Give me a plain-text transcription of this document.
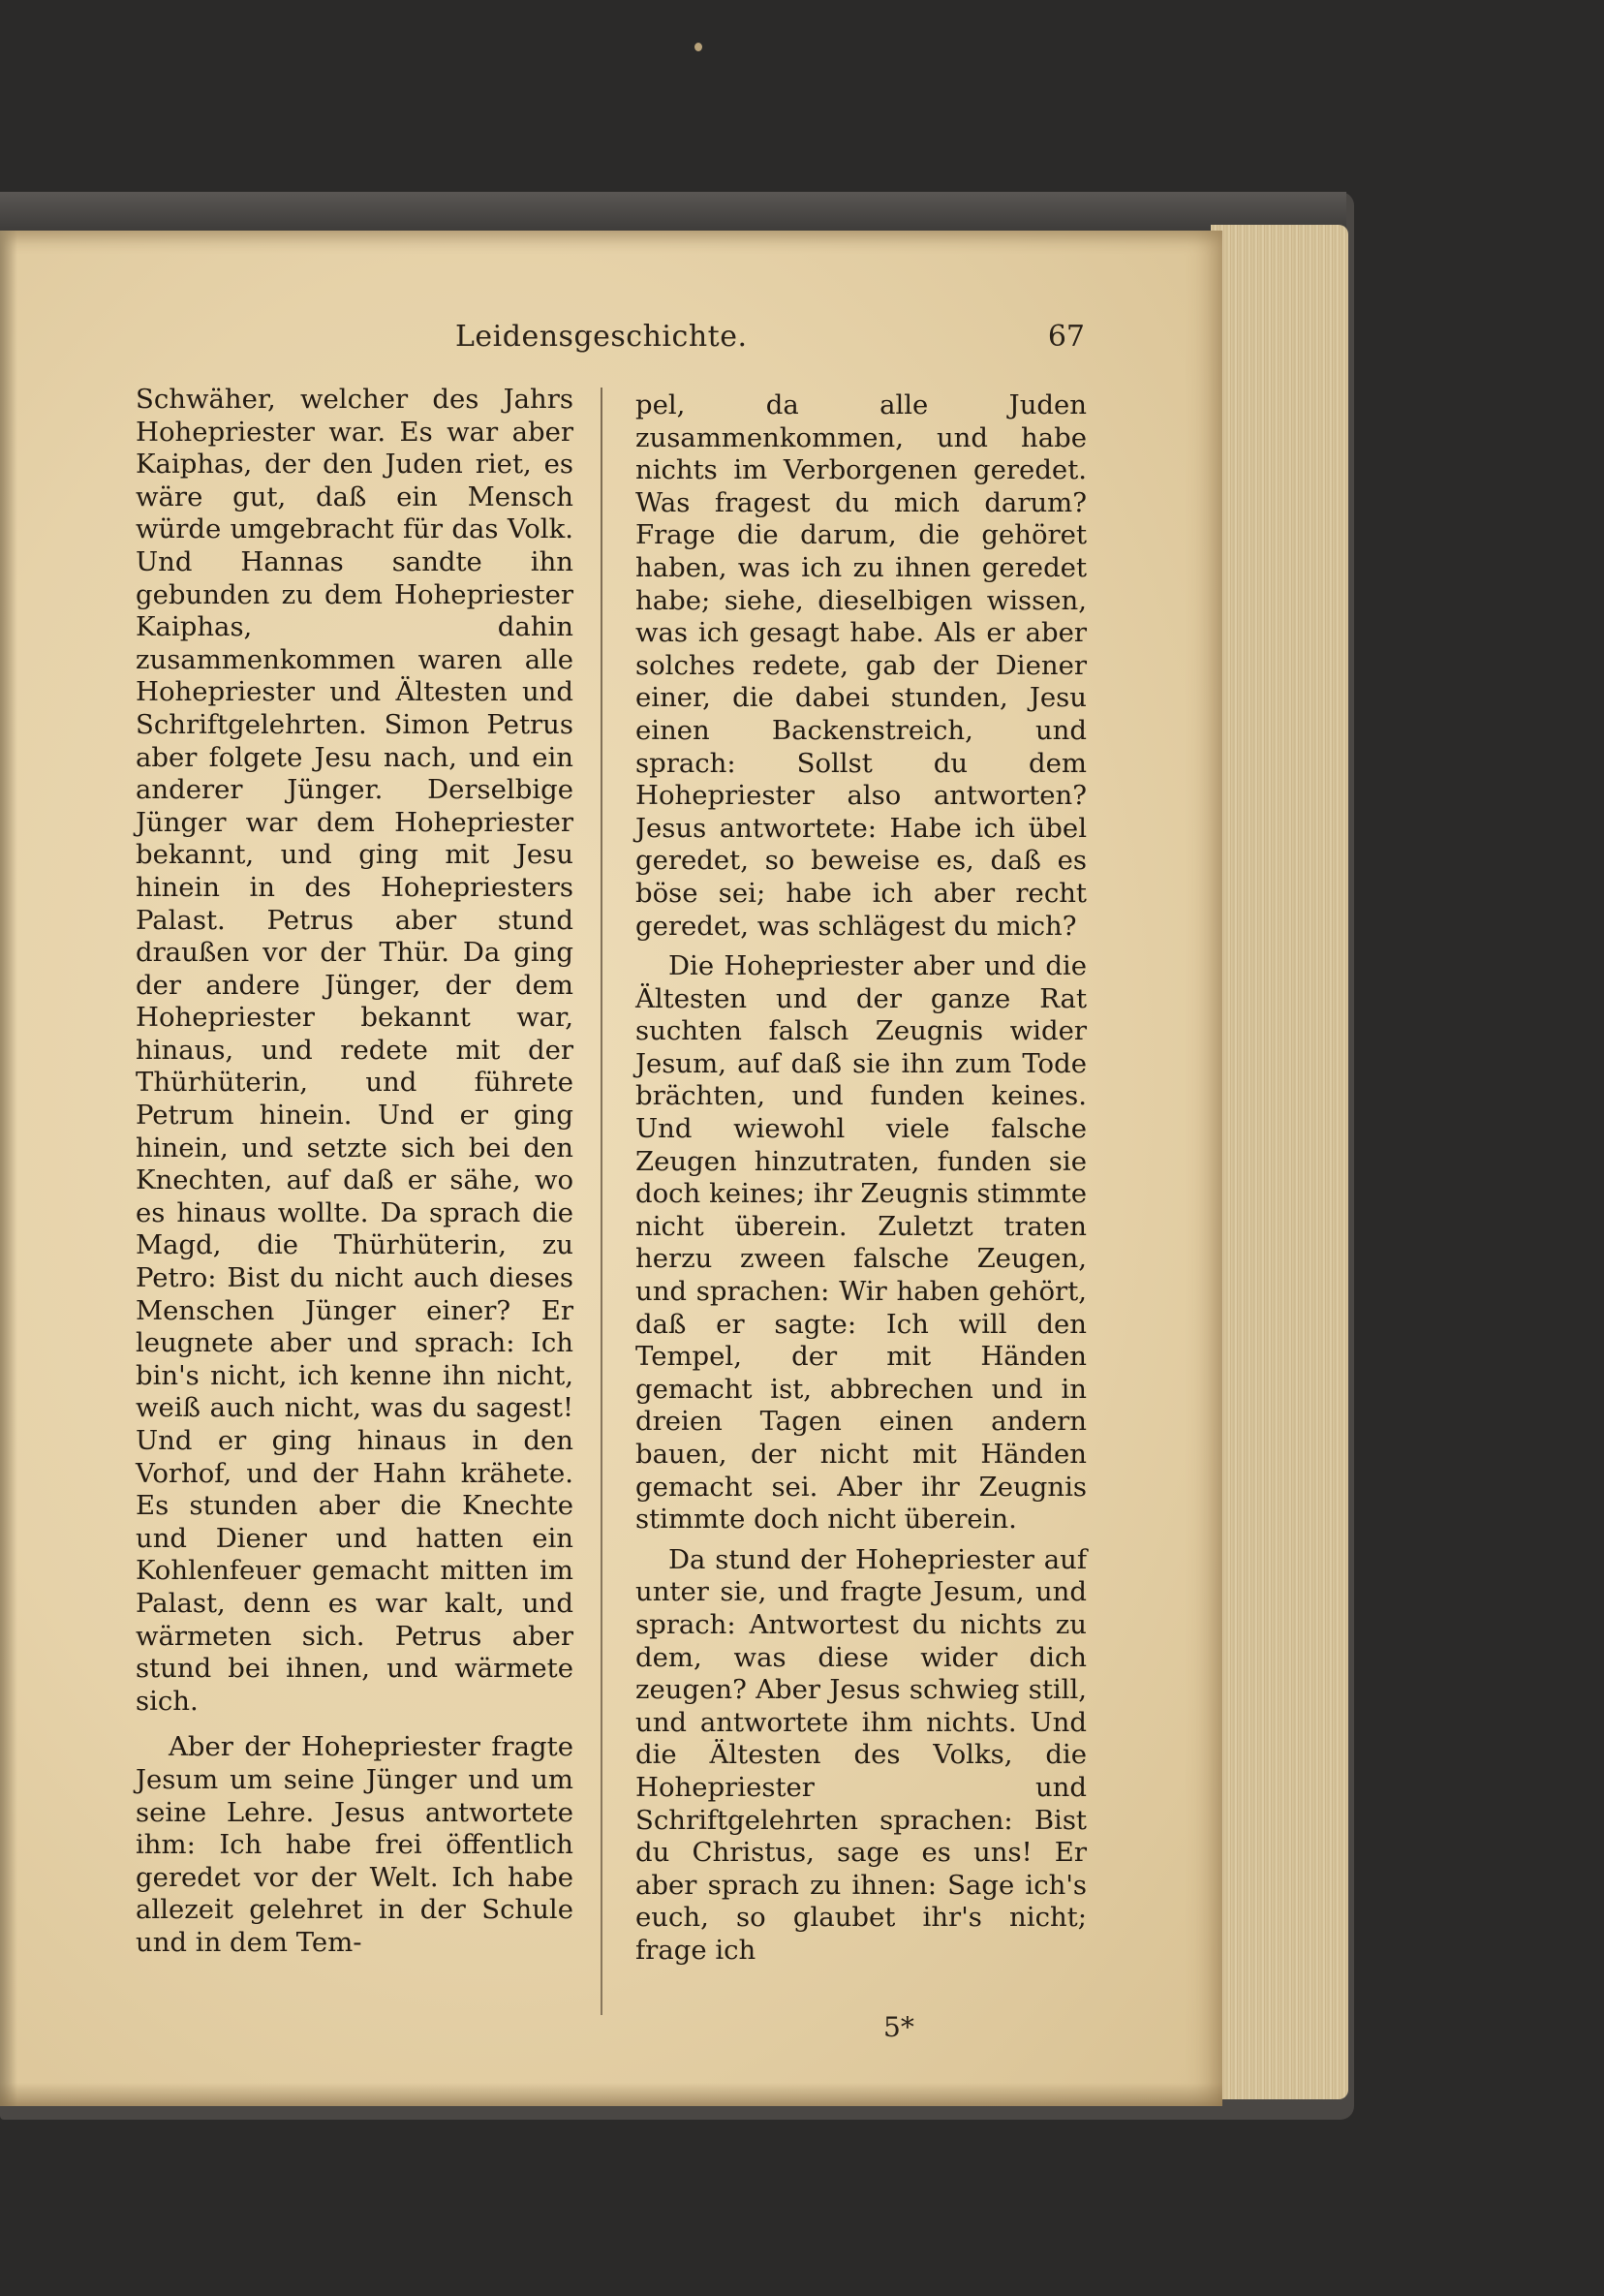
Leidensgeschichte.	67

Schwäher, welcher des Jahrs Hohepriester war. Es war aber Kaiphas, der den Juden riet, es wäre gut, daß ein Mensch würde umgebracht für das Volk. Und Hannas sandte ihn gebunden zu dem Hohepriester Kaiphas, dahin zusammenkommen waren alle Hohepriester und Ältesten und Schriftgelehrten. Simon Petrus aber folgete Jesu nach, und ein anderer Jünger. Derselbige Jünger war dem Hohepriester bekannt, und ging mit Jesu hinein in des Hohepriesters Palast. Petrus aber stund draußen vor der Thür. Da ging der andere Jünger, der dem Hohepriester bekannt war, hinaus, und redete mit der Thürhüterin, und führete Petrum hinein. Und er ging hinein, und setzte sich bei den Knechten, auf daß er sähe, wo es hinaus wollte. Da sprach die Magd, die Thürhüterin, zu Petro: Bist du nicht auch dieses Menschen Jünger einer? Er leugnete aber und sprach: Ich bin's nicht, ich kenne ihn nicht, weiß auch nicht, was du sagest! Und er ging hinaus in den Vorhof, und der Hahn krähete. Es stunden aber die Knechte und Diener und hatten ein Kohlenfeuer gemacht mitten im Palast, denn es war kalt, und wärmeten sich. Petrus aber stund bei ihnen, und wärmete sich.

Aber der Hohepriester fragte Jesum um seine Jünger und um seine Lehre. Jesus antwortete ihm: Ich habe frei öffentlich geredet vor der Welt. Ich habe allezeit gelehret in der Schule und in dem Tem-

pel, da alle Juden zusammenkommen, und habe nichts im Verborgenen geredet. Was fragest du mich darum? Frage die darum, die gehöret haben, was ich zu ihnen geredet habe; siehe, dieselbigen wissen, was ich gesagt habe. Als er aber solches redete, gab der Diener einer, die dabei stunden, Jesu einen Backenstreich, und sprach: Sollst du dem Hohepriester also antworten? Jesus antwortete: Habe ich übel geredet, so beweise es, daß es böse sei; habe ich aber recht geredet, was schlägest du mich?

Die Hohepriester aber und die Ältesten und der ganze Rat suchten falsch Zeugnis wider Jesum, auf daß sie ihn zum Tode brächten, und funden keines. Und wiewohl viele falsche Zeugen hinzutraten, funden sie doch keines; ihr Zeugnis stimmte nicht überein. Zuletzt traten herzu zween falsche Zeugen, und sprachen: Wir haben gehört, daß er sagte: Ich will den Tempel, der mit Händen gemacht ist, abbrechen und in dreien Tagen einen andern bauen, der nicht mit Händen gemacht sei. Aber ihr Zeugnis stimmte doch nicht überein.

Da stund der Hohepriester auf unter sie, und fragte Jesum, und sprach: Antwortest du nichts zu dem, was diese wider dich zeugen? Aber Jesus schwieg still, und antwortete ihm nichts. Und die Ältesten des Volks, die Hohepriester und Schriftgelehrten sprachen: Bist du Christus, sage es uns! Er aber sprach zu ihnen: Sage ich's euch, so glaubet ihr's nicht; frage ich

5*
